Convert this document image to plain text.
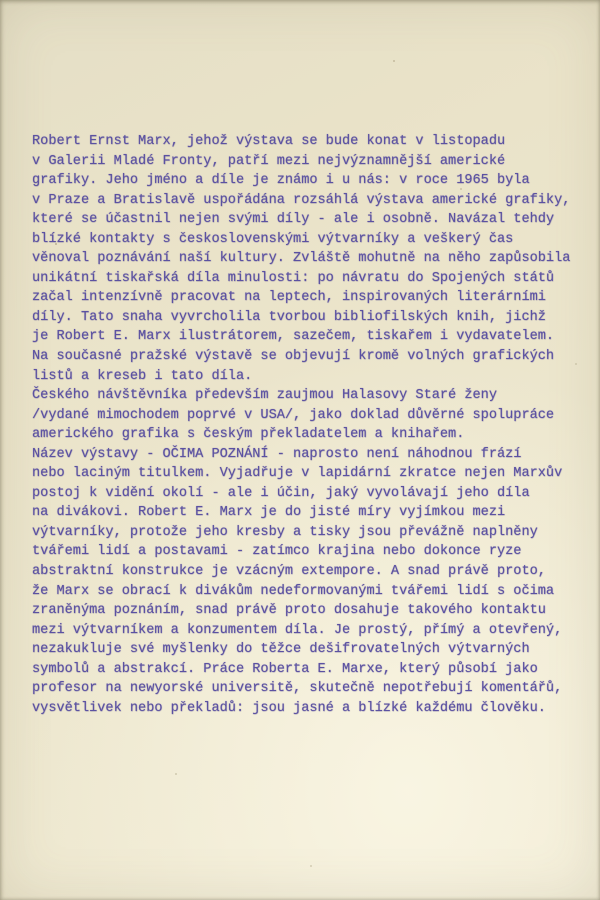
Robert Ernst Marx, jehož výstava se bude konat v listopadu
v Galerii Mladé Fronty, patří mezi nejvýznamnější americké
grafiky. Jeho jméno a díle je známo i u nás: v roce 1965 byla
v Praze a Bratislavě uspořádána rozsáhlá výstava americké grafiky,
které se účastnil nejen svými díly - ale i osobně. Navázal tehdy
blízké kontakty s československými výtvarníky a veškerý čas
věnoval poznávání naší kultury. Zvláště mohutně na něho zapůsobila
unikátní tiskařská díla minulosti: po návratu do Spojených států
začal intenzívně pracovat na leptech, inspirovaných literárními
díly. Tato snaha vyvrcholila tvorbou bibliofilských knih, jichž
je Robert E. Marx ilustrátorem, sazečem, tiskařem i vydavatelem.
Na současné pražské výstavě se objevují kromě volných grafických
listů a kreseb i tato díla.
Českého návštěvníka především zaujmou Halasovy Staré ženy
/vydané mimochodem poprvé v USA/, jako doklad důvěrné spolupráce
amerického grafika s českým překladatelem a knihařem.
Název výstavy - OČIMA POZNÁNÍ - naprosto není náhodnou frází
nebo laciným titulkem. Vyjadřuje v lapidární zkratce nejen Marxův
postoj k vidění okolí - ale i účin, jaký vyvolávají jeho díla
na divákovi. Robert E. Marx je do jisté míry vyjímkou mezi
výtvarníky, protože jeho kresby a tisky jsou převážně naplněny
tvářemi lidí a postavami - zatímco krajina nebo dokonce ryze
abstraktní konstrukce je vzácným extempore. A snad právě proto,
že Marx se obrací k divákům nedeformovanými tvářemi lidí s očima
zraněnýma poznáním, snad právě proto dosahuje takového kontaktu
mezi výtvarníkem a konzumentem díla. Je prostý, přímý a otevřený,
nezakukluje své myšlenky do těžce dešifrovatelných výtvarných
symbolů a abstrakcí. Práce Roberta E. Marxe, který působí jako
profesor na newyorské universitě, skutečně nepotřebují komentářů,
vysvětlivek nebo překladů: jsou jasné a blízké každému člověku.
